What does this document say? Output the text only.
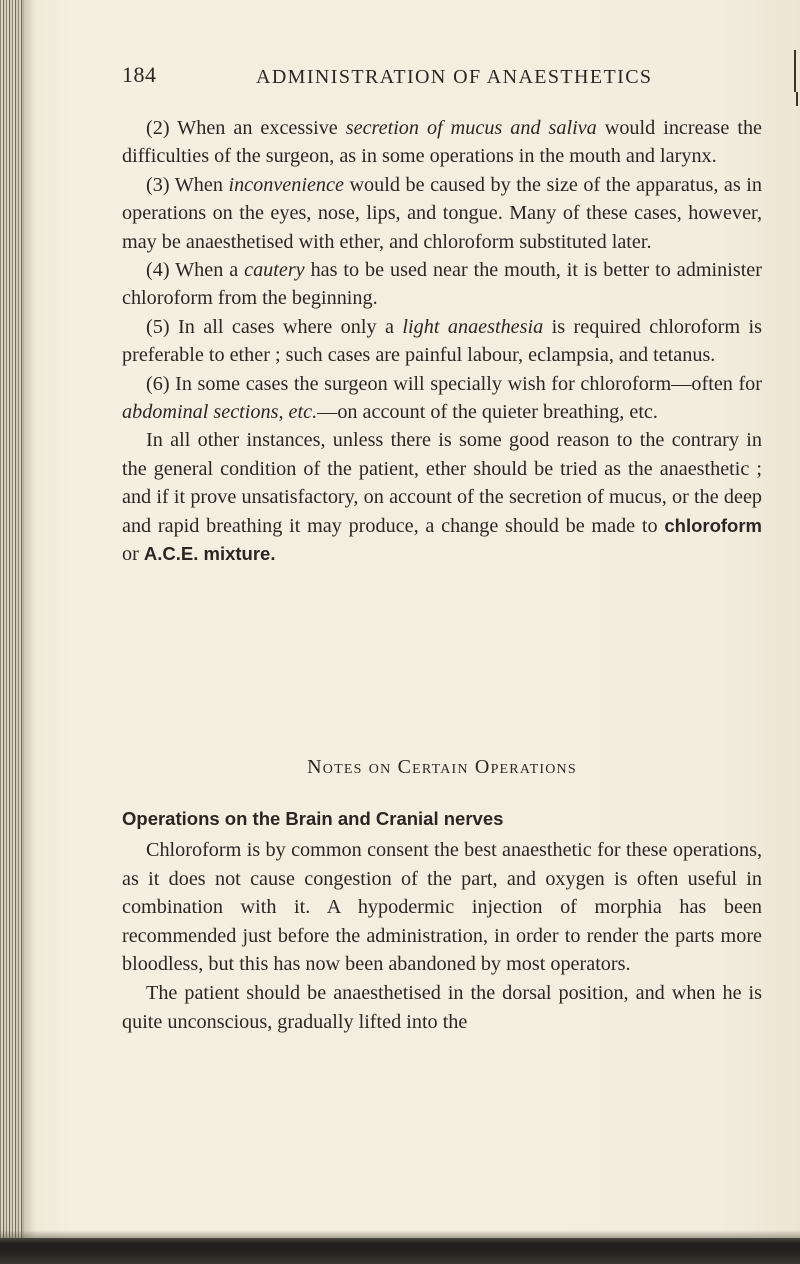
184	ADMINISTRATION OF ANAESTHETICS

(2) When an excessive secretion of mucus and saliva would increase the difficulties of the surgeon, as in some operations in the mouth and larynx.

(3) When inconvenience would be caused by the size of the apparatus, as in operations on the eyes, nose, lips, and tongue. Many of these cases, however, may be anaesthetised with ether, and chloroform substituted later.

(4) When a cautery has to be used near the mouth, it is better to administer chloroform from the beginning.

(5) In all cases where only a light anaesthesia is required chloroform is preferable to ether ; such cases are painful labour, eclampsia, and tetanus.

(6) In some cases the surgeon will specially wish for chloroform—often for abdominal sections, etc.—on account of the quieter breathing, etc.

In all other instances, unless there is some good reason to the contrary in the general condition of the patient, ether should be tried as the anaesthetic ; and if it prove unsatisfactory, on account of the secretion of mucus, or the deep and rapid breathing it may produce, a change should be made to chloroform or A.C.E. mixture.

Notes on Certain Operations
Operations on the Brain and Cranial nerves

Chloroform is by common consent the best anaesthetic for these operations, as it does not cause congestion of the part, and oxygen is often useful in combination with it. A hypodermic injection of morphia has been recommended just before the administration, in order to render the parts more bloodless, but this has now been abandoned by most operators.

The patient should be anaesthetised in the dorsal position, and when he is quite unconscious, gradually lifted into the
